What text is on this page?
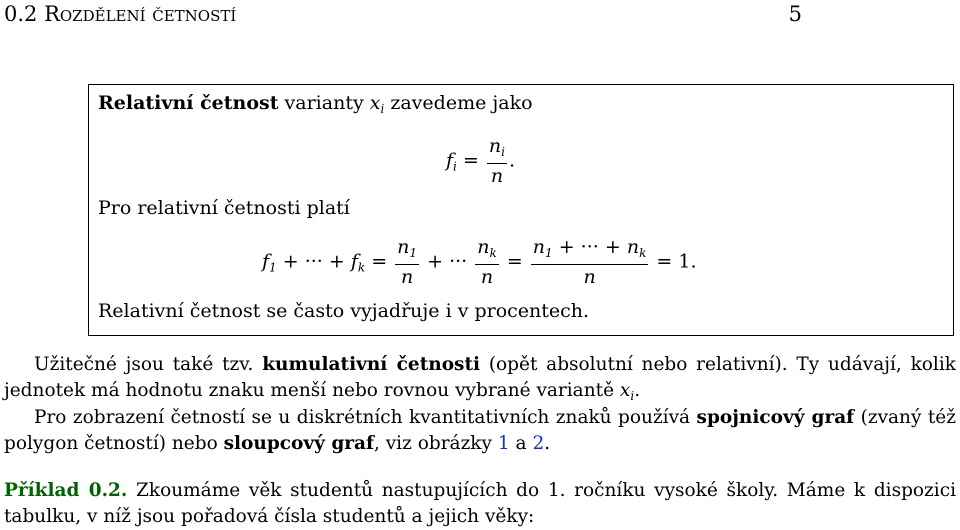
0.2 Rozdělení četností	5
Relativní četnost varianty $x_i$ zavedeme jako
$f_i = \frac{n_i}{n}$ .
Pro relativní četnosti platí
$f_1$ + ··· + $f_k = \frac{n_1}{n}$ + ··· $\frac{n_k}{n} = \frac{n_1 + \cdot\cdot\cdot + n_k}{n} = 1$.
Relativní četnost se často vyjadřuje i v procentech.
Užitečné jsou také tzv. kumulativní četnosti (opět absolutní nebo relativní). Ty udávají, kolik jednotek má hodnotu znaku menší nebo rovnou vybrané variantě $x_i$.
Pro zobrazení četností se u diskrétních kvantitativních znaků používá spojnicový graf (zvaný též polygon četností) nebo sloupcový graf, viz obrázky 1 a 2.
Příklad 0.2. Zkoumáme věk studentů nastupujících do 1. ročníku vysoké školy. Máme k dispozici tabulku, v níž jsou pořadová čísla studentů a jejich věky:
